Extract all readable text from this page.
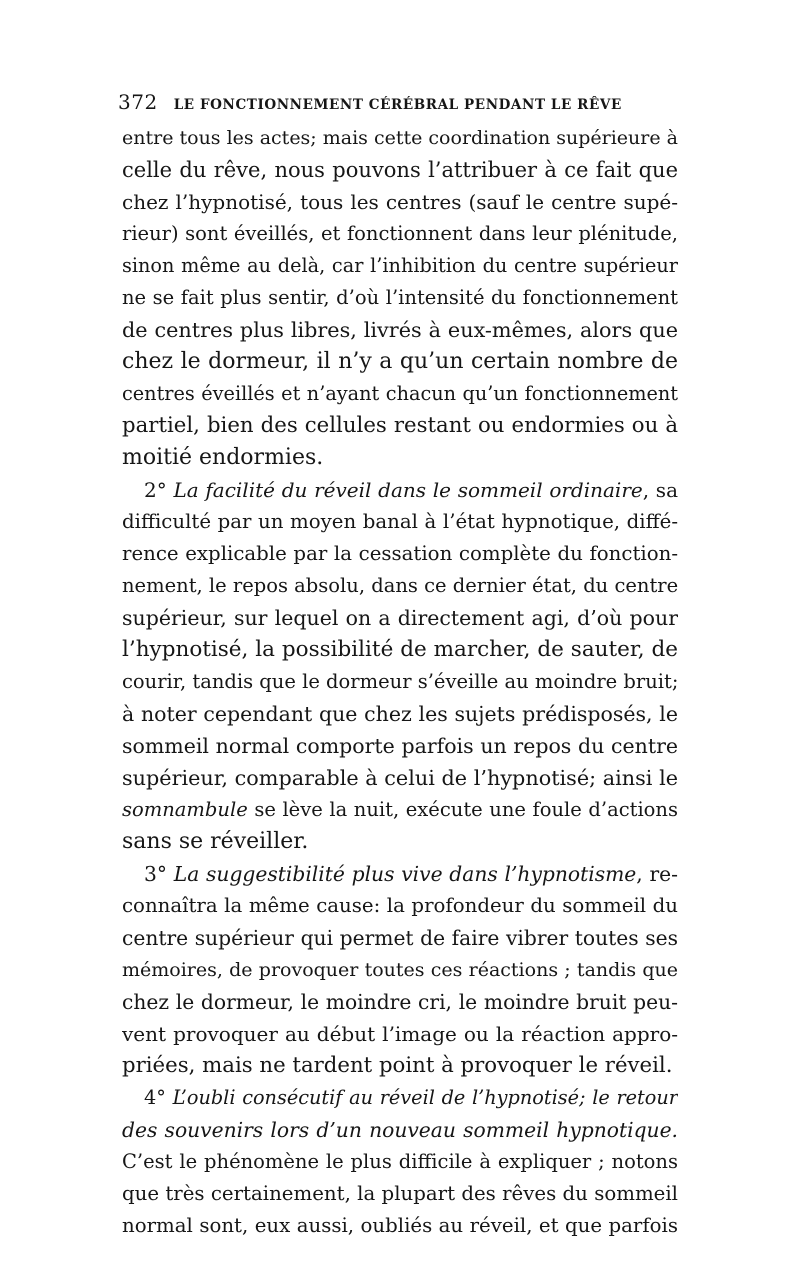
372 LE FONCTIONNEMENT CÉRÉBRAL PENDANT LE RÊVE
entre tous les actes; mais cette coordination supérieure à
celle du rêve, nous pouvons l’attribuer à ce fait que
chez l’hypnotisé, tous les centres (sauf le centre supé-
rieur) sont éveillés, et fonctionnent dans leur plénitude,
sinon même au delà, car l’inhibition du centre supérieur
ne se fait plus sentir, d’où l’intensité du fonctionnement
de centres plus libres, livrés à eux-mêmes, alors que
chez le dormeur, il n’y a qu’un certain nombre de
centres éveillés et n’ayant chacun qu’un fonctionnement
partiel, bien des cellules restant ou endormies ou à
moitié endormies.
2° La facilité du réveil dans le sommeil ordinaire, sa
difficulté par un moyen banal à l’état hypnotique, diffé-
rence explicable par la cessation complète du fonction-
nement, le repos absolu, dans ce dernier état, du centre
supérieur, sur lequel on a directement agi, d’où pour
l’hypnotisé, la possibilité de marcher, de sauter, de
courir, tandis que le dormeur s’éveille au moindre bruit;
à noter cependant que chez les sujets prédisposés, le
sommeil normal comporte parfois un repos du centre
supérieur, comparable à celui de l’hypnotisé; ainsi le
somnambule se lève la nuit, exécute une foule d’actions
sans se réveiller.
3° La suggestibilité plus vive dans l’hypnotisme, re-
connaîtra la même cause: la profondeur du sommeil du
centre supérieur qui permet de faire vibrer toutes ses
mémoires, de provoquer toutes ces réactions ; tandis que
chez le dormeur, le moindre cri, le moindre bruit peu-
vent provoquer au début l’image ou la réaction appro-
priées, mais ne tardent point à provoquer le réveil.
4° L’oubli consécutif au réveil de l’hypnotisé; le retour
des souvenirs lors d’un nouveau sommeil hypnotique.
C’est le phénomène le plus difficile à expliquer ; notons
que très certainement, la plupart des rêves du sommeil
normal sont, eux aussi, oubliés au réveil, et que parfois
